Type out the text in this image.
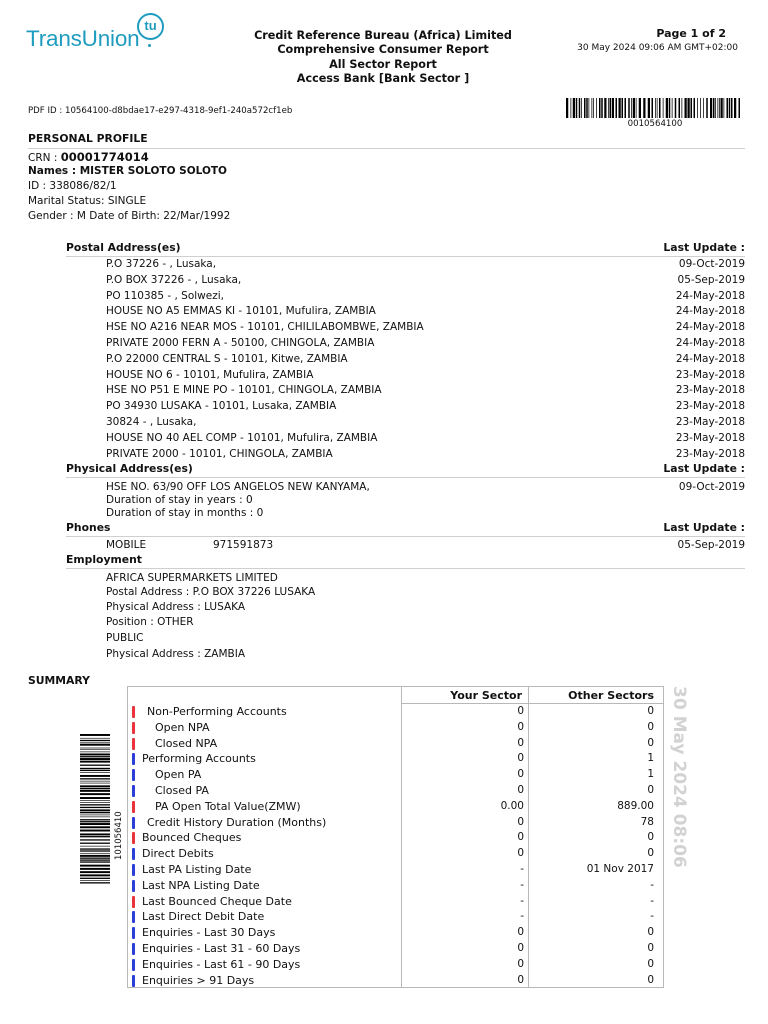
TransUnion
tu
Credit Reference Bureau (Africa) Limited
Comprehensive Consumer Report
All Sector Report
Access Bank [Bank Sector ]
Page 1 of 2
30 May 2024 09:06 AM GMT+02:00
PDF ID : 10564100-d8bdae17-e297-4318-9ef1-240a572cf1eb
0010564100
PERSONAL PROFILE
CRN : 00001774014
Names : MISTER SOLOTO SOLOTO
ID : 338086/82/1
Marital Status: SINGLE
Gender : M Date of Birth: 22/Mar/1992
Postal Address(es)	Last Update :
P.O 37226 - , Lusaka,	09-Oct-2019
P.O BOX 37226 - , Lusaka,	05-Sep-2019
PO 110385 - , Solwezi,	24-May-2018
HOUSE NO A5 EMMAS KI - 10101, Mufulira, ZAMBIA	24-May-2018
HSE NO A216 NEAR MOS - 10101, CHILILABOMBWE, ZAMBIA	24-May-2018
PRIVATE 2000 FERN A - 50100, CHINGOLA, ZAMBIA	24-May-2018
P.O 22000 CENTRAL S - 10101, Kitwe, ZAMBIA	24-May-2018
HOUSE NO 6 - 10101, Mufulira, ZAMBIA	23-May-2018
HSE NO P51 E MINE PO - 10101, CHINGOLA, ZAMBIA	23-May-2018
PO 34930 LUSAKA - 10101, Lusaka, ZAMBIA	23-May-2018
30824 - , Lusaka,	23-May-2018
HOUSE NO 40 AEL COMP - 10101, Mufulira, ZAMBIA	23-May-2018
PRIVATE 2000 - 10101, CHINGOLA, ZAMBIA	23-May-2018
Physical Address(es)	Last Update :
HSE NO. 63/90 OFF LOS ANGELOS NEW KANYAMA,	09-Oct-2019
Duration of stay in years : 0
Duration of stay in months : 0
Phones	Last Update :
MOBILE	971591873	05-Sep-2019
Employment
AFRICA SUPERMARKETS LIMITED
Postal Address : P.O BOX 37226 LUSAKA
Physical Address : LUSAKA
Position : OTHER
PUBLIC
Physical Address : ZAMBIA
SUMMARY
Your Sector	Other Sectors
Non-Performing Accounts	0	0
Open NPA	0	0
Closed NPA	0	0
Performing Accounts	0	1
Open PA	0	1
Closed PA	0	0
PA Open Total Value(ZMW)	0.00	889.00
Credit History Duration (Months)	0	78
Bounced Cheques	0	0
Direct Debits	0	0
Last PA Listing Date	-	01 Nov 2017
Last NPA Listing Date	-	-
Last Bounced Cheque Date	-	-
Last Direct Debit Date	-	-
Enquiries - Last 30 Days	0	0
Enquiries - Last 31 - 60 Days	0	0
Enquiries - Last 61 - 90 Days	0	0
Enquiries > 91 Days	0	0
101056410	30 May 2024 08:06
